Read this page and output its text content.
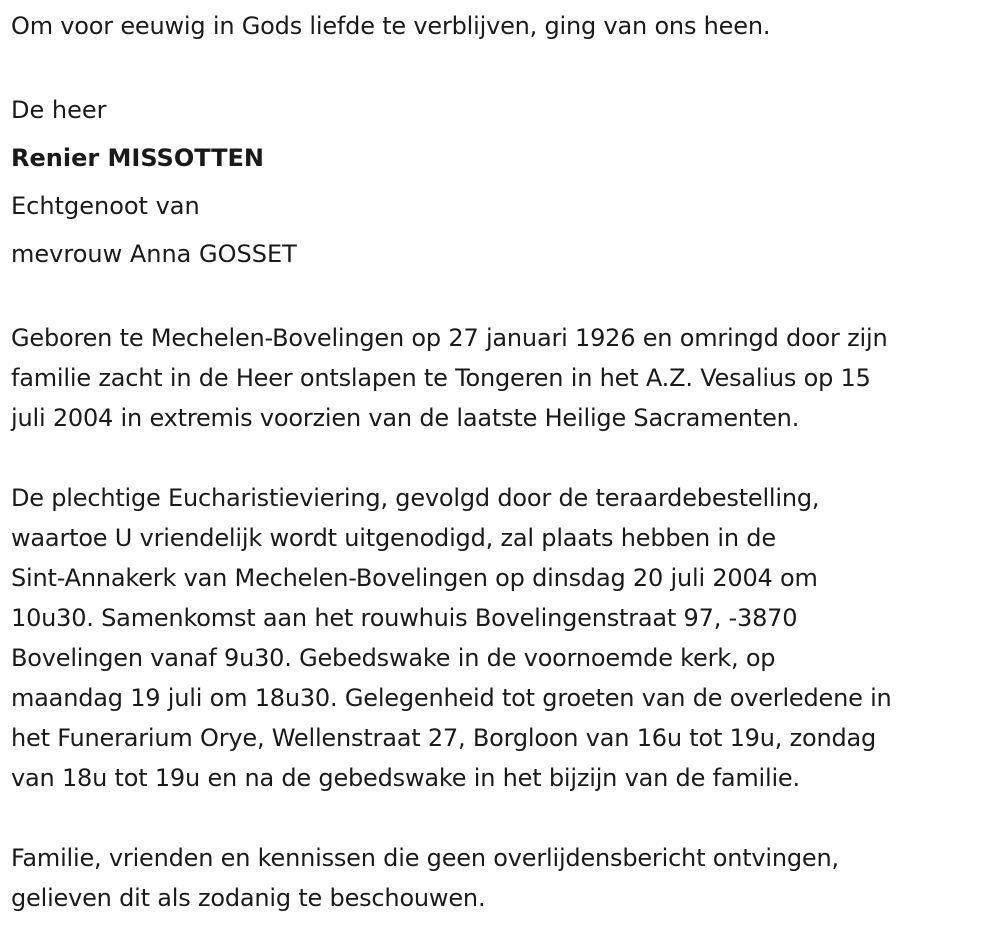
Om voor eeuwig in Gods liefde te verblijven, ging van ons heen.
De heer
Renier MISSOTTEN
Echtgenoot van
mevrouw Anna GOSSET
Geboren te Mechelen-Bovelingen op 27 januari 1926 en omringd door zijn
familie zacht in de Heer ontslapen te Tongeren in het A.Z. Vesalius op 15
juli 2004 in extremis voorzien van de laatste Heilige Sacramenten.
De plechtige Eucharistieviering, gevolgd door de teraardebestelling,
waartoe U vriendelijk wordt uitgenodigd, zal plaats hebben in de
Sint-Annakerk van Mechelen-Bovelingen op dinsdag 20 juli 2004 om
10u30. Samenkomst aan het rouwhuis Bovelingenstraat 97, -3870
Bovelingen vanaf 9u30. Gebedswake in de voornoemde kerk, op
maandag 19 juli om 18u30. Gelegenheid tot groeten van de overledene in
het Funerarium Orye, Wellenstraat 27, Borgloon van 16u tot 19u, zondag
van 18u tot 19u en na de gebedswake in het bijzijn van de familie.
Familie, vrienden en kennissen die geen overlijdensbericht ontvingen,
gelieven dit als zodanig te beschouwen.
